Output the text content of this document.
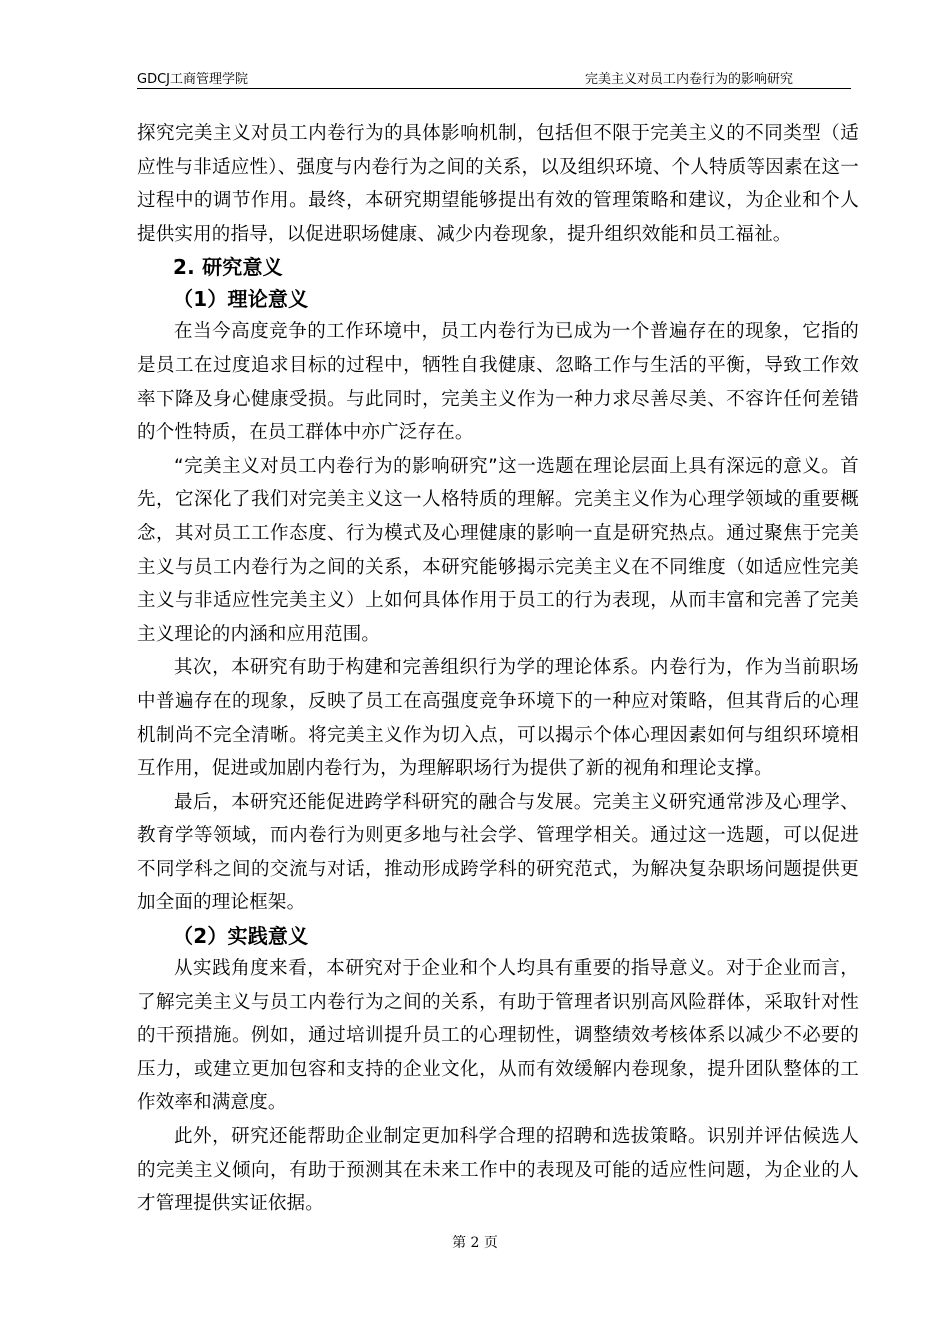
GDCJ工商管理学院	完美主义对员工内卷行为的影响研究

探究完美主义对员工内卷行为的具体影响机制，包括但不限于完美主义的不同类型（适应性与非适应性）、强度与内卷行为之间的关系，以及组织环境、个人特质等因素在这一过程中的调节作用。最终，本研究期望能够提出有效的管理策略和建议，为企业和个人提供实用的指导，以促进职场健康、减少内卷现象，提升组织效能和员工福祉。

2. 研究意义

（1）理论意义

在当今高度竞争的工作环境中，员工内卷行为已成为一个普遍存在的现象，它指的是员工在过度追求目标的过程中，牺牲自我健康、忽略工作与生活的平衡，导致工作效率下降及身心健康受损。与此同时，完美主义作为一种力求尽善尽美、不容许任何差错的个性特质，在员工群体中亦广泛存在。

“完美主义对员工内卷行为的影响研究”这一选题在理论层面上具有深远的意义。首先，它深化了我们对完美主义这一人格特质的理解。完美主义作为心理学领域的重要概念，其对员工工作态度、行为模式及心理健康的影响一直是研究热点。通过聚焦于完美主义与员工内卷行为之间的关系，本研究能够揭示完美主义在不同维度（如适应性完美主义与非适应性完美主义）上如何具体作用于员工的行为表现，从而丰富和完善了完美主义理论的内涵和应用范围。

其次，本研究有助于构建和完善组织行为学的理论体系。内卷行为，作为当前职场中普遍存在的现象，反映了员工在高强度竞争环境下的一种应对策略，但其背后的心理机制尚不完全清晰。将完美主义作为切入点，可以揭示个体心理因素如何与组织环境相互作用，促进或加剧内卷行为，为理解职场行为提供了新的视角和理论支撑。

最后，本研究还能促进跨学科研究的融合与发展。完美主义研究通常涉及心理学、教育学等领域，而内卷行为则更多地与社会学、管理学相关。通过这一选题，可以促进不同学科之间的交流与对话，推动形成跨学科的研究范式，为解决复杂职场问题提供更加全面的理论框架。

（2）实践意义

从实践角度来看，本研究对于企业和个人均具有重要的指导意义。对于企业而言，了解完美主义与员工内卷行为之间的关系，有助于管理者识别高风险群体，采取针对性的干预措施。例如，通过培训提升员工的心理韧性，调整绩效考核体系以减少不必要的压力，或建立更加包容和支持的企业文化，从而有效缓解内卷现象，提升团队整体的工作效率和满意度。

此外，研究还能帮助企业制定更加科学合理的招聘和选拔策略。识别并评估候选人的完美主义倾向，有助于预测其在未来工作中的表现及可能的适应性问题，为企业的人才管理提供实证依据。

第 2 页
